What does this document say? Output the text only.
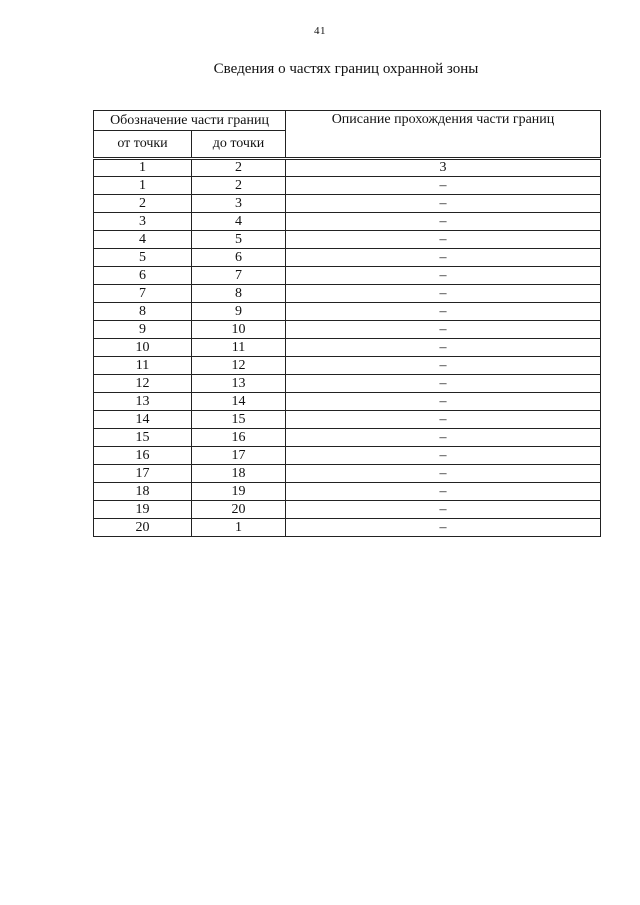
41
Сведения о частях границ охранной зоны
Обозначение части границ		Описание прохождения части границ
от точки	до точки	
1	2	3
1	2	–
2	3	–
3	4	–
4	5	–
5	6	–
6	7	–
7	8	–
8	9	–
9	10	–
10	11	–
11	12	–
12	13	–
13	14	–
14	15	–
15	16	–
16	17	–
17	18	–
18	19	–
19	20	–
20	1	–
